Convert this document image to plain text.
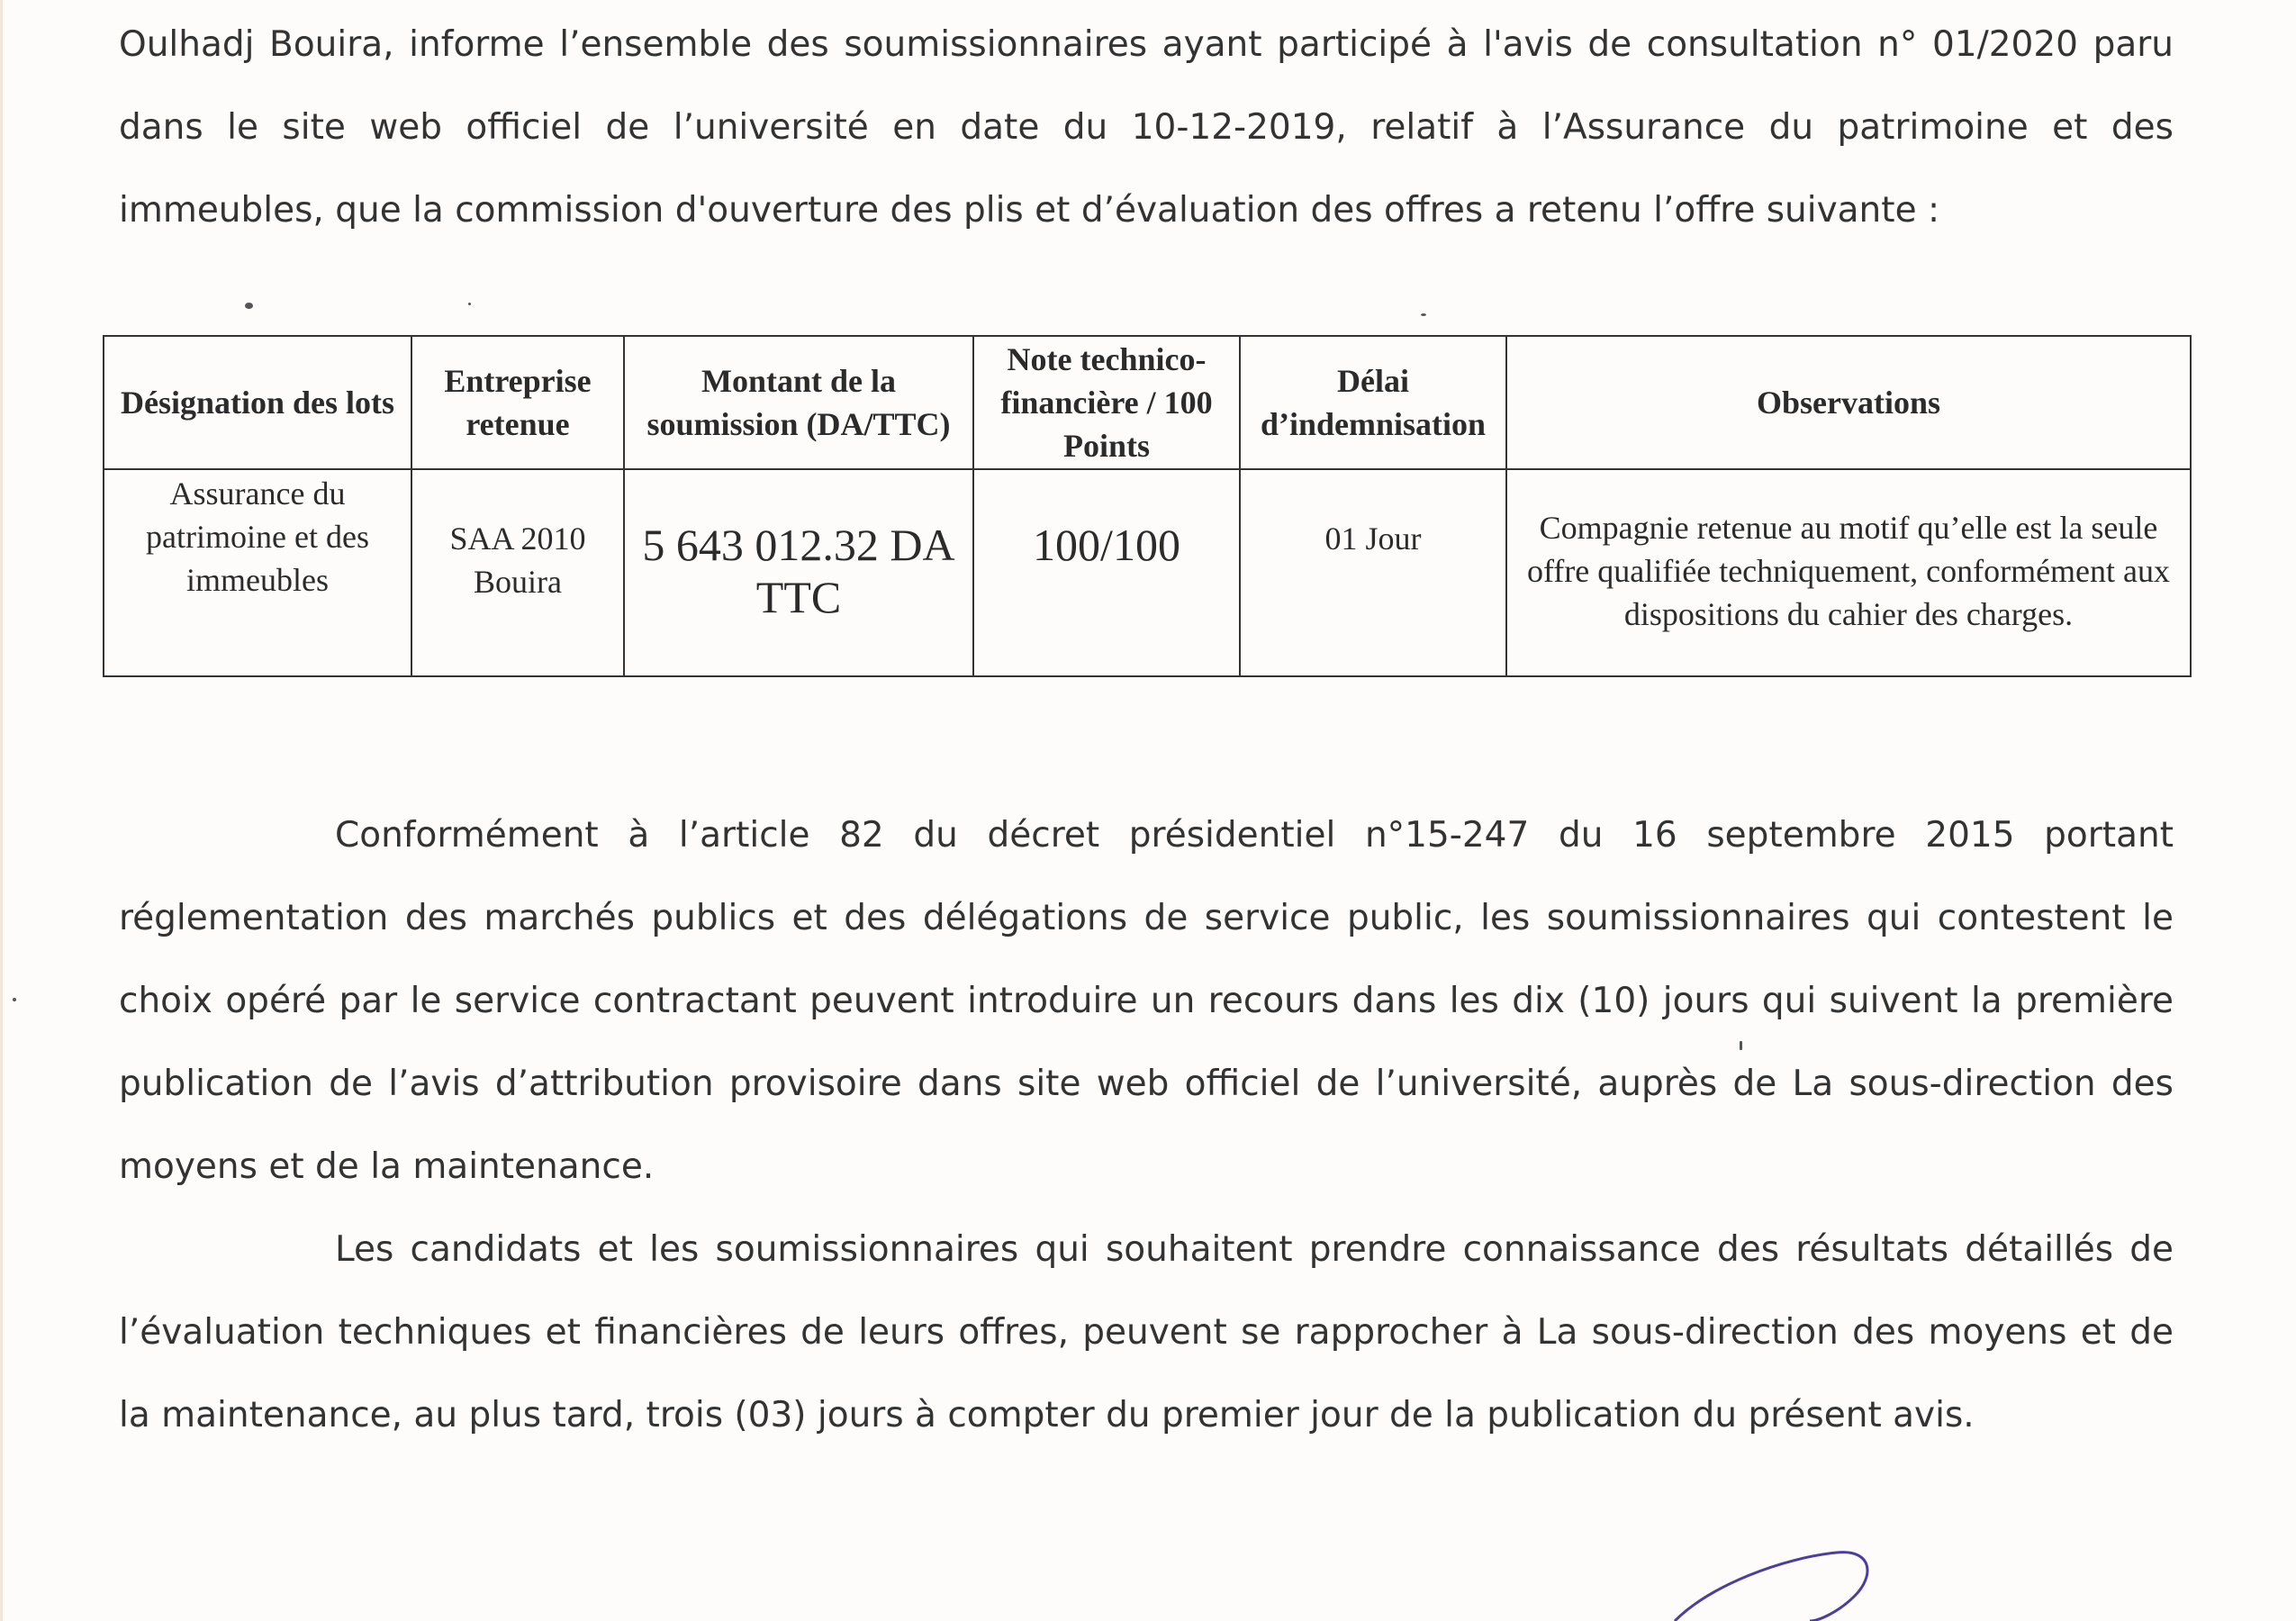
Oulhadj Bouira, informe l’ensemble des soumissionnaires ayant participé à l'avis de consultation n° 01/2020 paru dans le site web officiel de l’université en date du 10-12-2019, relatif à l’Assurance du patrimoine et des immeubles, que la commission d'ouverture des plis et d’évaluation des offres a retenu l’offre suivante :

Désignation des lots	Entreprise retenue	Montant de la soumission (DA/TTC)	Note technico-financière / 100 Points	Délai d’indemnisation	Observations
Assurance du patrimoine et des immeubles	SAA 2010 Bouira	5 643 012.32 DA TTC	100/100	01 Jour	Compagnie retenue au motif qu’elle est la seule offre qualifiée techniquement, conformément aux dispositions du cahier des charges.

Conformément à l’article 82 du décret présidentiel n°15-247 du 16 septembre 2015 portant réglementation des marchés publics et des délégations de service public, les soumissionnaires qui contestent le choix opéré par le service contractant peuvent introduire un recours dans les dix (10) jours qui suivent la première publication de l’avis d’attribution provisoire dans site web officiel de l’université, auprès de La sous-direction des moyens et de la maintenance.

Les candidats et les soumissionnaires qui souhaitent prendre connaissance des résultats détaillés de l’évaluation techniques et financières de leurs offres, peuvent se rapprocher à La sous-direction des moyens et de la maintenance, au plus tard, trois (03) jours à compter du premier jour de la publication du présent avis.
